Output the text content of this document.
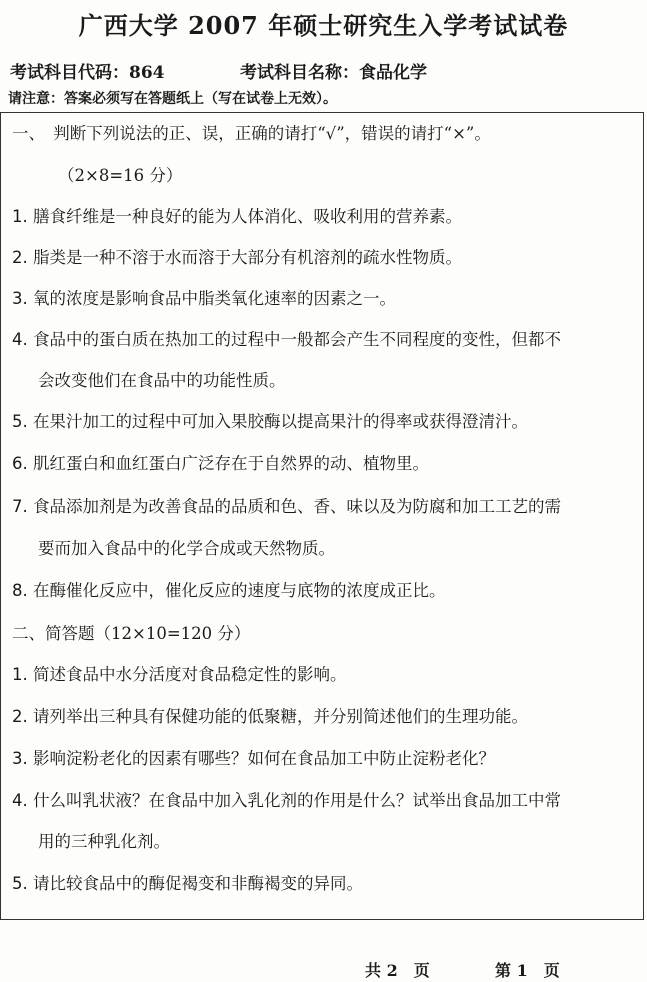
广西大学 2007 年硕士研究生入学考试试卷
考试科目代码：864	考试科目名称：食品化学
请注意：答案必须写在答题纸上（写在试卷上无效）。
一、　判断下列说法的正、误，正确的请打“√”，错误的请打“×”。
（2×8=16 分）
1. 膳食纤维是一种良好的能为人体消化、吸收利用的营养素。
2. 脂类是一种不溶于水而溶于大部分有机溶剂的疏水性物质。
3. 氧的浓度是影响食品中脂类氧化速率的因素之一。
4. 食品中的蛋白质在热加工的过程中一般都会产生不同程度的变性，但都不
会改变他们在食品中的功能性质。
5. 在果汁加工的过程中可加入果胶酶以提高果汁的得率或获得澄清汁。
6. 肌红蛋白和血红蛋白广泛存在于自然界的动、植物里。
7. 食品添加剂是为改善食品的品质和色、香、味以及为防腐和加工工艺的需
要而加入食品中的化学合成或天然物质。
8. 在酶催化反应中，催化反应的速度与底物的浓度成正比。
二、简答题（12×10=120 分）
1. 简述食品中水分活度对食品稳定性的影响。
2. 请列举出三种具有保健功能的低聚糖，并分别简述他们的生理功能。
3. 影响淀粉老化的因素有哪些？如何在食品加工中防止淀粉老化？
4. 什么叫乳状液？在食品中加入乳化剂的作用是什么？试举出食品加工中常
用的三种乳化剂。
5. 请比较食品中的酶促褐变和非酶褐变的异同。
共 2　页	第 1　页
